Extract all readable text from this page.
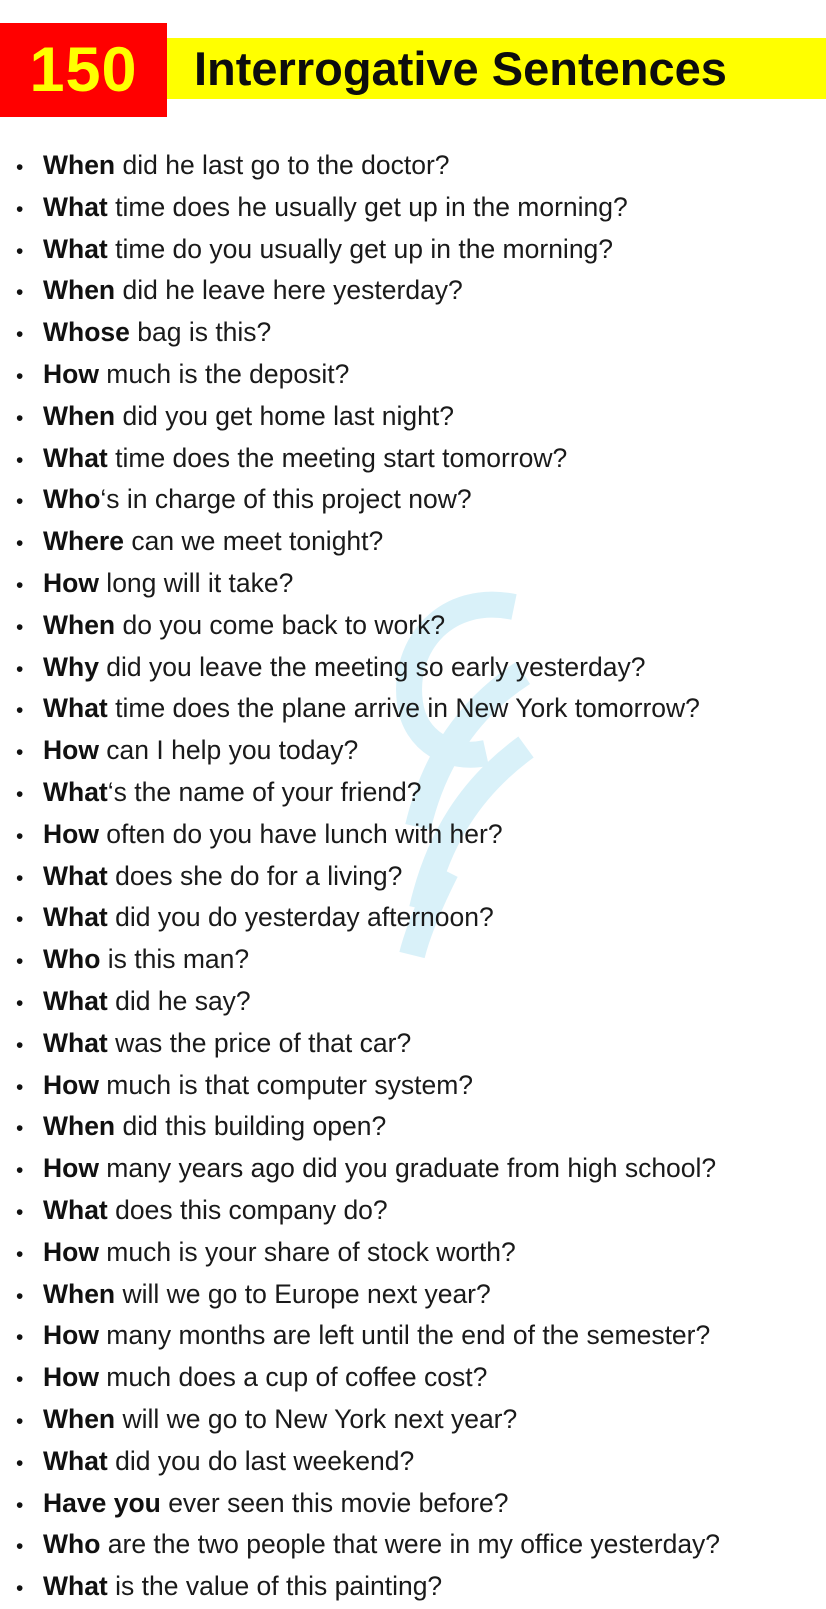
150	Interrogative Sentences
• When did he last go to the doctor?
• What time does he usually get up in the morning?
• What time do you usually get up in the morning?
• When did he leave here yesterday?
• Whose bag is this?
• How much is the deposit?
• When did you get home last night?
• What time does the meeting start tomorrow?
• Who ‘s in charge of this project now?
• Where can we meet tonight?
• How long will it take?
• When do you come back to work?
• Why did you leave the meeting so early yesterday?
• What time does the plane arrive in New York tomorrow?
• How can I help you today?
• What ‘s the name of your friend?
• How often do you have lunch with her?
• What does she do for a living?
• What did you do yesterday afternoon?
• Who is this man?
• What did he say?
• What was the price of that car?
• How much is that computer system?
• When did this building open?
• How many years ago did you graduate from high school?
• What does this company do?
• How much is your share of stock worth?
• When will we go to Europe next year?
• How many months are left until the end of the semester?
• How much does a cup of coffee cost?
• When will we go to New York next year?
• What did you do last weekend?
• Have you ever seen this movie before?
• Who are the two people that were in my office yesterday?
• What is the value of this painting?
